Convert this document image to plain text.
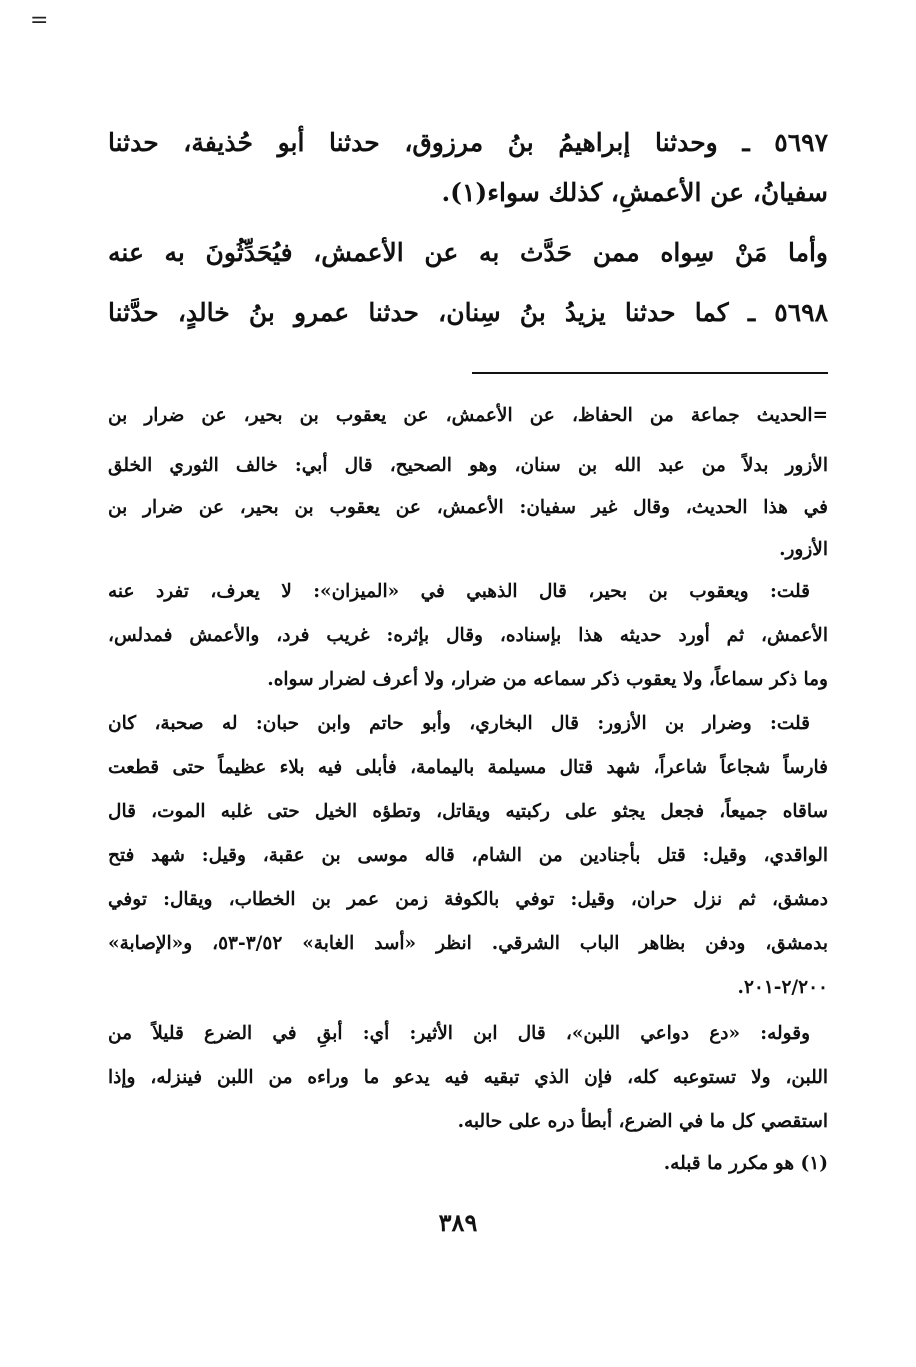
=
٥٦٩٧ ـ وحدثنا إبراهيمُ بنُ مرزوق، حدثنا أبو حُذيفة، حدثنا
سفيانُ، عن الأعمشِ، كذلك سواء(١).
وأما مَنْ سِواه ممن حَدَّث به عن الأعمش، فيُحَدِّثُونَ به عنه
٥٦٩٨ ـ كما حدثنا يزيدُ بنُ سِنان، حدثنا عمرو بنُ خالدٍ، حدَّثنا
=الحديث جماعة من الحفاظ، عن الأعمش، عن يعقوب بن بحير، عن ضرار بن
الأزور بدلاً من عبد الله بن سنان، وهو الصحيح، قال أبي: خالف الثوري الخلق
في هذا الحديث، وقال غير سفيان: الأعمش، عن يعقوب بن بحير، عن ضرار بن
الأزور.
قلت: ويعقوب بن بحير، قال الذهبي في «الميزان»: لا يعرف، تفرد عنه
الأعمش، ثم أورد حديثه هذا بإسناده، وقال بإثره: غريب فرد، والأعمش فمدلس،
وما ذكر سماعاً، ولا يعقوب ذكر سماعه من ضرار، ولا أعرف لضرار سواه.
قلت: وضرار بن الأزور: قال البخاري، وأبو حاتم وابن حبان: له صحبة، كان
فارساً شجاعاً شاعراً، شهد قتال مسيلمة باليمامة، فأبلى فيه بلاء عظيماً حتى قطعت
ساقاه جميعاً، فجعل يجثو على ركبتيه ويقاتل، وتطؤه الخيل حتى غلبه الموت، قال
الواقدي، وقيل: قتل بأجنادين من الشام، قاله موسى بن عقبة، وقيل: شهد فتح
دمشق، ثم نزل حران، وقيل: توفي بالكوفة زمن عمر بن الخطاب، ويقال: توفي
بدمشق، ودفن بظاهر الباب الشرقي. انظر «أسد الغابة» ٣/٥٢-٥٣، و«الإصابة»
٢/٢٠٠-٢٠١.
وقوله: «دع دواعي اللبن»، قال ابن الأثير: أي: أبقِ في الضرع قليلاً من
اللبن، ولا تستوعبه كله، فإن الذي تبقيه فيه يدعو ما وراءه من اللبن فينزله، وإذا
استقصي كل ما في الضرع، أبطأ دره على حالبه.
(١) هو مكرر ما قبله.
٣٨٩
